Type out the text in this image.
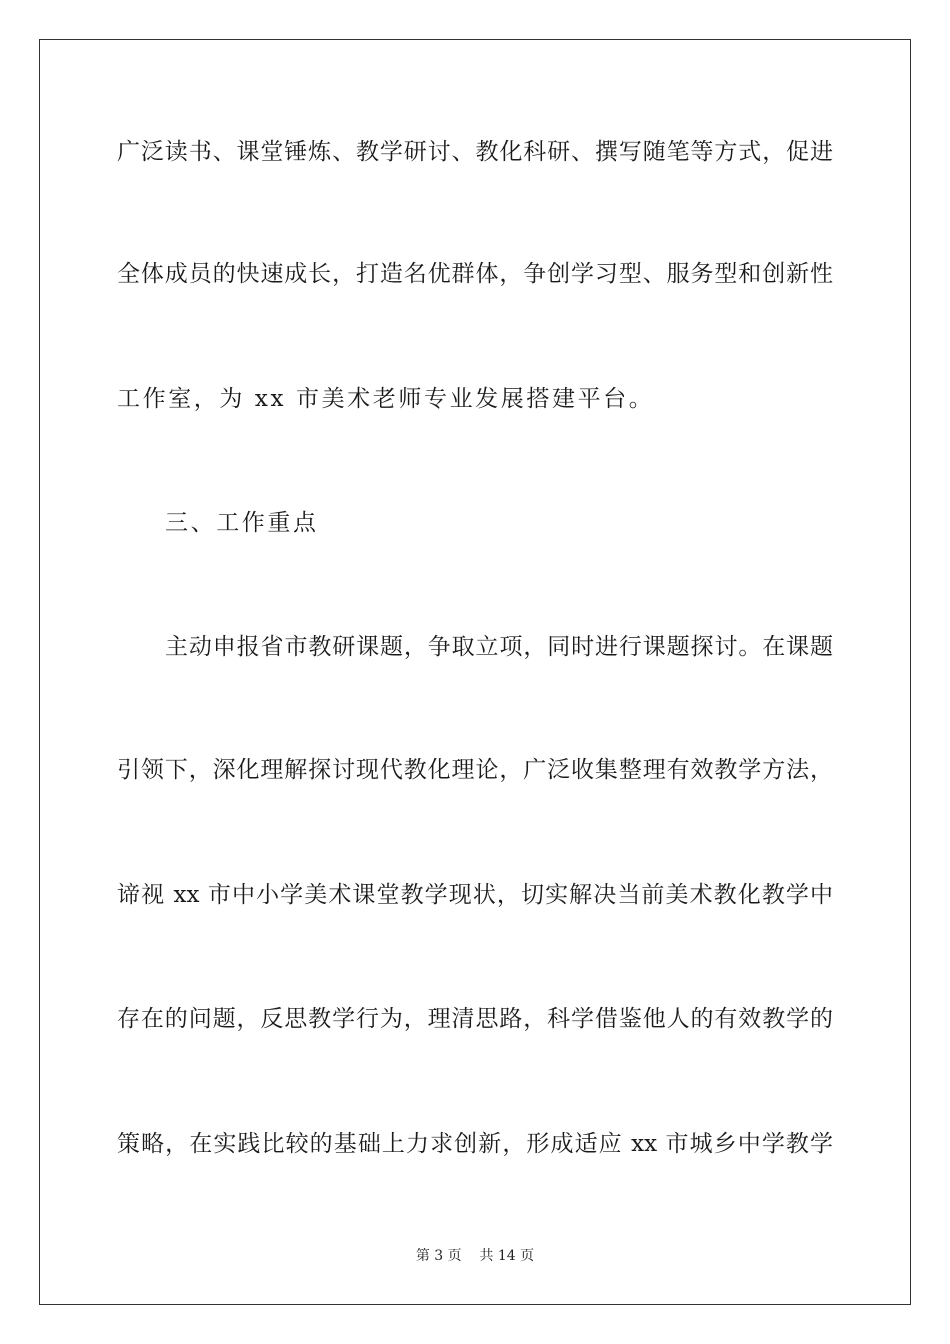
广泛读书、课堂锤炼、教学研讨、教化科研、撰写随笔等方式，促进
全体成员的快速成长，打造名优群体，争创学习型、服务型和创新性
工作室，为 xx 市美术老师专业发展搭建平台。
三、工作重点
主动申报省市教研课题，争取立项，同时进行课题探讨。在课题
引领下，深化理解探讨现代教化理论，广泛收集整理有效教学方法，
谛视 xx 市中小学美术课堂教学现状，切实解决当前美术教化教学中
存在的问题，反思教学行为，理清思路，科学借鉴他人的有效教学的
策略，在实践比较的基础上力求创新，形成适应 xx 市城乡中学教学
第 3 页 共 14 页
